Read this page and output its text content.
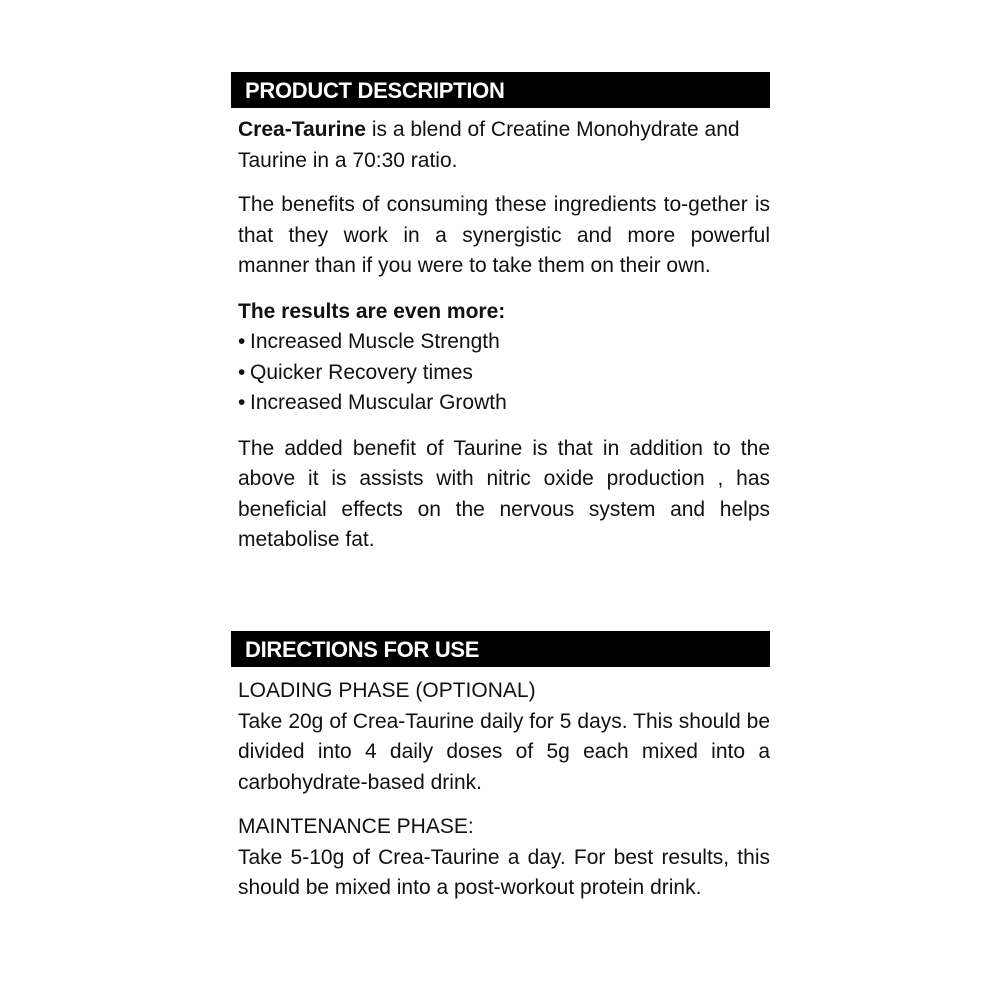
PRODUCT DESCRIPTION

Crea-Taurine is a blend of Creatine Monohydrate and Taurine in a 70:30 ratio.

The benefits of consuming these ingredients to-gether is that they work in a synergistic and more powerful manner than if you were to take them on their own.

The results are even more:

• Increased Muscle Strength
• Quicker Recovery times
• Increased Muscular Growth

The added benefit of Taurine is that in addition to the above it is assists with nitric oxide production , has beneficial effects on the nervous system and helps metabolise fat.

DIRECTIONS FOR USE

LOADING PHASE (OPTIONAL)

Take 20g of Crea-Taurine daily for 5 days. This should be divided into 4 daily doses of 5g each mixed into a carbohydrate-based drink.

MAINTENANCE PHASE:

Take 5-10g of Crea-Taurine a day. For best results, this should be mixed into a post-workout protein drink.
